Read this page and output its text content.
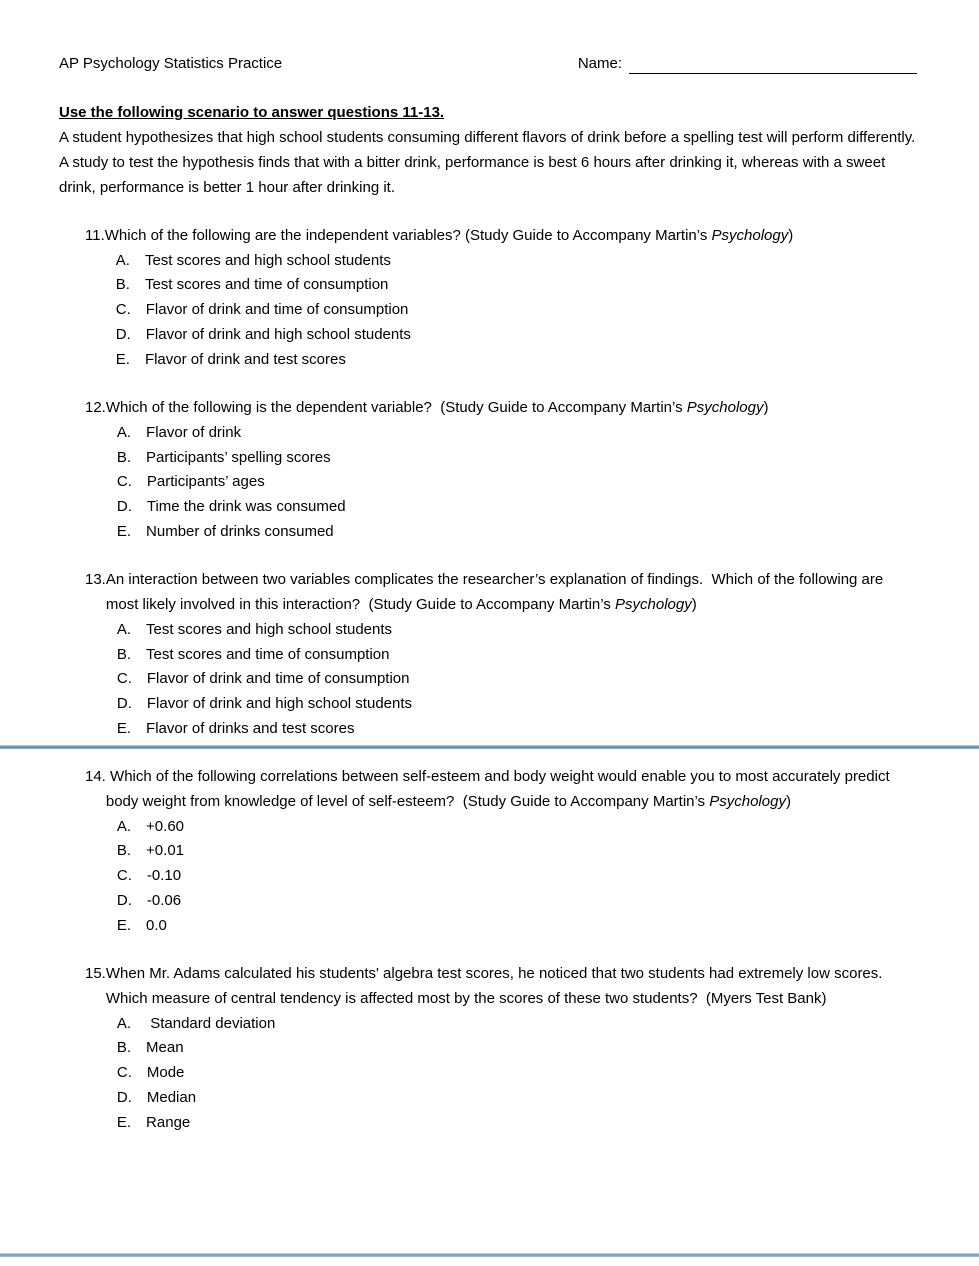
AP Psychology Statistics Practice	Name:
Use the following scenario to answer questions 11-13.
A student hypothesizes that high school students consuming different flavors of drink before a spelling test will perform differently.  A study to test the hypothesis finds that with a bitter drink, performance is best 6 hours after drinking it, whereas with a sweet drink, performance is better 1 hour after drinking it.
11. Which of the following are the independent variables? (Study Guide to Accompany Martin’s Psychology)
A. Test scores and high school students
B. Test scores and time of consumption
C. Flavor of drink and time of consumption
D. Flavor of drink and high school students
E. Flavor of drink and test scores
12. Which of the following is the dependent variable?  (Study Guide to Accompany Martin’s Psychology)
A. Flavor of drink
B. Participants’ spelling scores
C. Participants’ ages
D. Time the drink was consumed
E. Number of drinks consumed
13. An interaction between two variables complicates the researcher’s explanation of findings.  Which of the following are most likely involved in this interaction?  (Study Guide to Accompany Martin’s Psychology)
A. Test scores and high school students
B. Test scores and time of consumption
C. Flavor of drink and time of consumption
D. Flavor of drink and high school students
E. Flavor of drinks and test scores
14. Which of the following correlations between self-esteem and body weight would enable you to most accurately predict body weight from knowledge of level of self-esteem?  (Study Guide to Accompany Martin’s Psychology)
A. +0.60
B. +0.01
C. -0.10
D. -0.06
E. 0.0
15. When Mr. Adams calculated his students' algebra test scores, he noticed that two students had extremely low scores. Which measure of central tendency is affected most by the scores of these two students?  (Myers Test Bank)
A. Standard deviation
B. Mean
C. Mode
D. Median
E. Range
